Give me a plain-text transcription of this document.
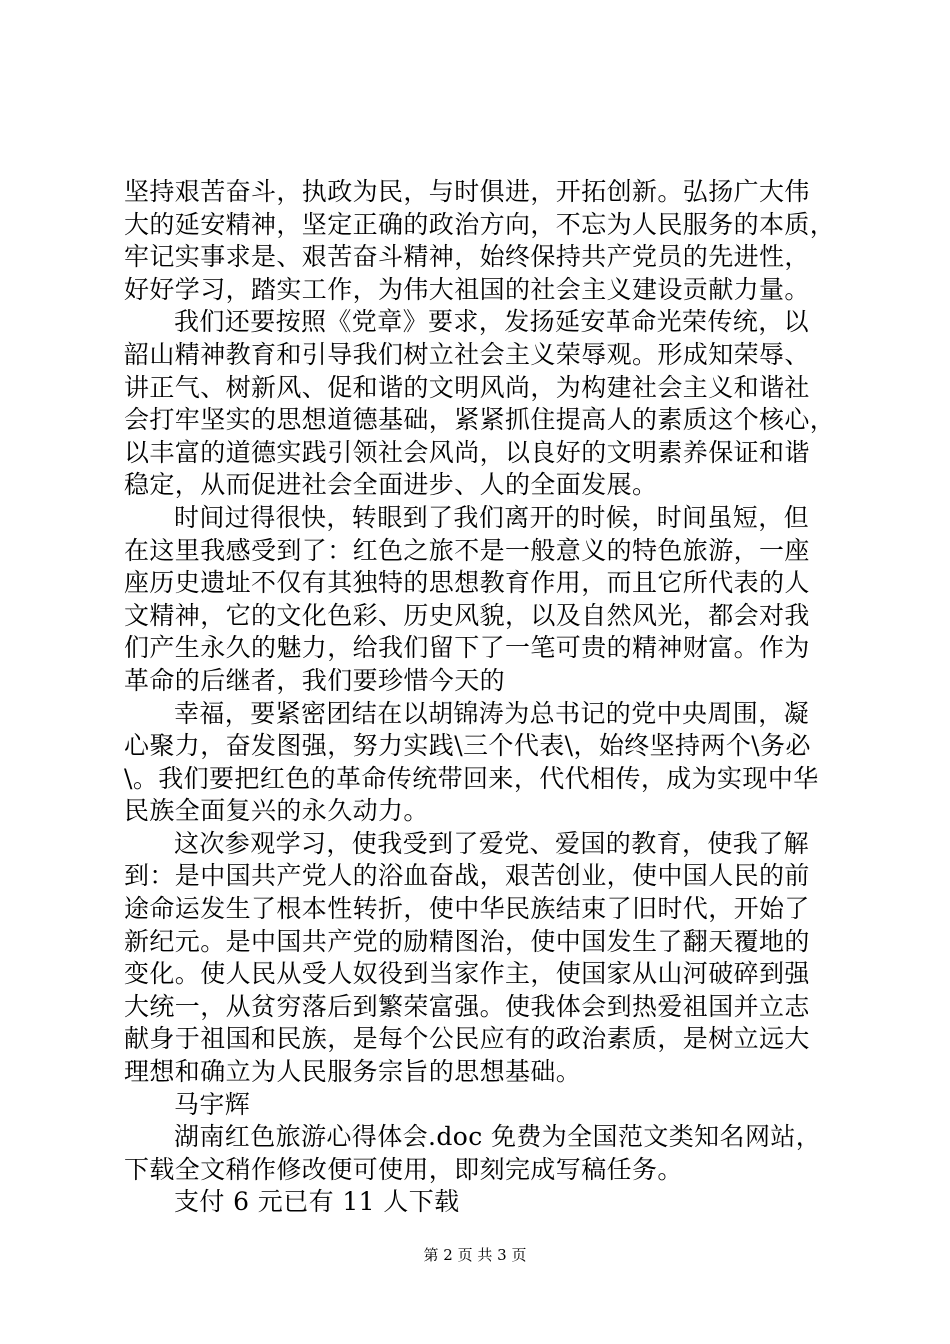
坚持艰苦奋斗，执政为民，与时俱进，开拓创新。弘扬广大伟
大的延安精神，坚定正确的政治方向，不忘为人民服务的本质，
牢记实事求是、艰苦奋斗精神，始终保持共产党员的先进性，
好好学习，踏实工作，为伟大祖国的社会主义建设贡献力量。
我们还要按照《党章》要求，发扬延安革命光荣传统，以
韶山精神教育和引导我们树立社会主义荣辱观。形成知荣辱、
讲正气、树新风、促和谐的文明风尚，为构建社会主义和谐社
会打牢坚实的思想道德基础，紧紧抓住提高人的素质这个核心，
以丰富的道德实践引领社会风尚，以良好的文明素养保证和谐
稳定，从而促进社会全面进步、人的全面发展。
时间过得很快，转眼到了我们离开的时候，时间虽短，但
在这里我感受到了：红色之旅不是一般意义的特色旅游，一座
座历史遗址不仅有其独特的思想教育作用，而且它所代表的人
文精神，它的文化色彩、历史风貌，以及自然风光，都会对我
们产生永久的魅力，给我们留下了一笔可贵的精神财富。作为
革命的后继者，我们要珍惜今天的
幸福，要紧密团结在以胡锦涛为总书记的党中央周围，凝
心聚力，奋发图强，努力实践\三个代表\，始终坚持两个\务必
\。我们要把红色的革命传统带回来，代代相传，成为实现中华
民族全面复兴的永久动力。
这次参观学习，使我受到了爱党、爱国的教育，使我了解
到：是中国共产党人的浴血奋战，艰苦创业，使中国人民的前
途命运发生了根本性转折，使中华民族结束了旧时代，开始了
新纪元。是中国共产党的励精图治，使中国发生了翻天覆地的
变化。使人民从受人奴役到当家作主，使国家从山河破碎到强
大统一，从贫穷落后到繁荣富强。使我体会到热爱祖国并立志
献身于祖国和民族，是每个公民应有的政治素质，是树立远大
理想和确立为人民服务宗旨的思想基础。
马宇辉
湖南红色旅游心得体会.doc 免费为全国范文类知名网站，
下载全文稍作修改便可使用，即刻完成写稿任务。
支付 6 元已有 11 人下载
第 2 页 共 3 页
